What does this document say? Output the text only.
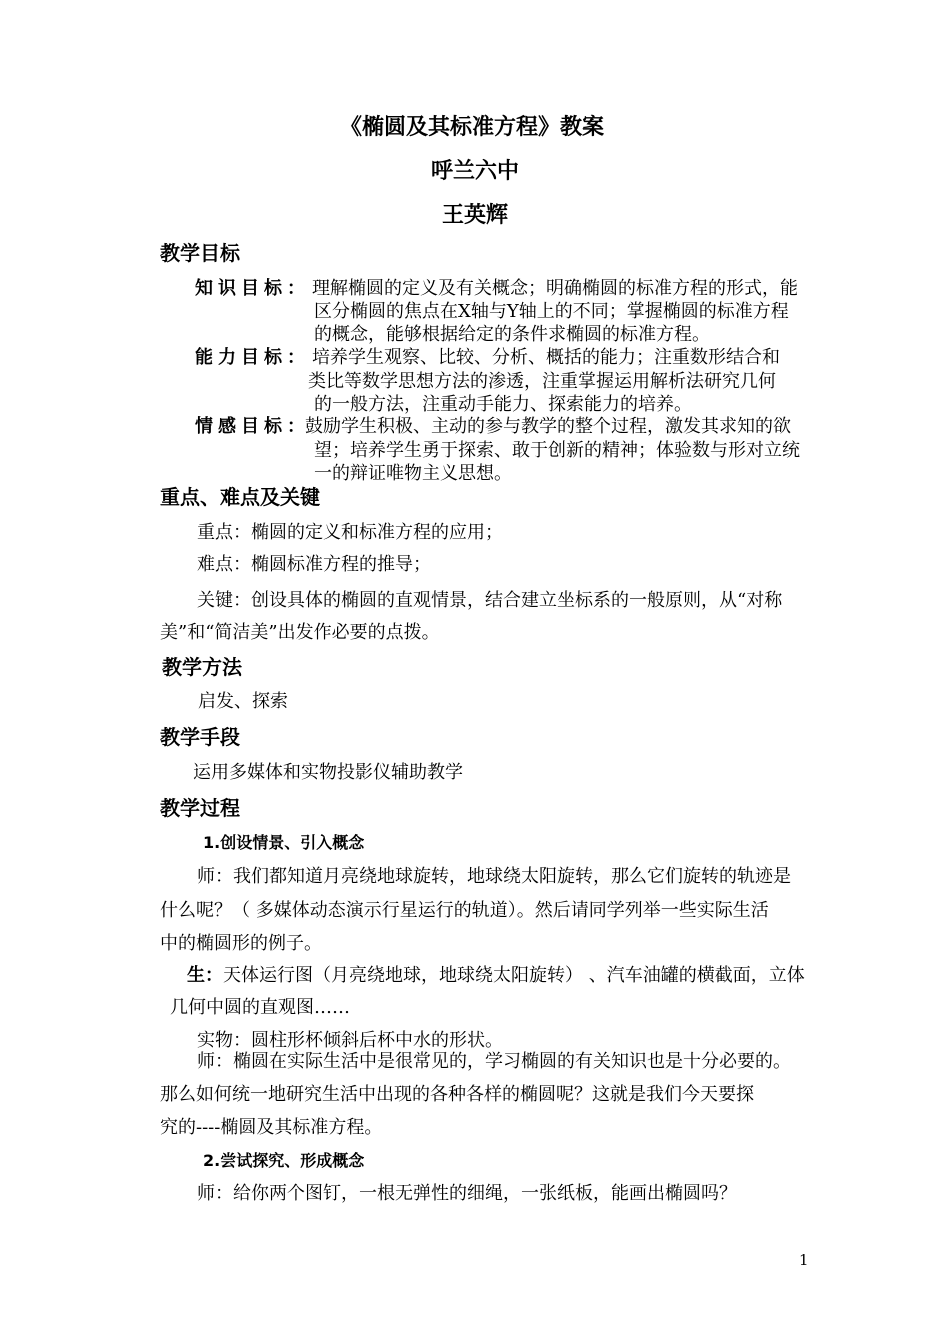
《椭圆及其标准方程》教案
呼兰六中
王英辉
教学目标
知识目标： 理解椭圆的定义及有关概念；明确椭圆的标准方程的形式，能
区分椭圆的焦点在X轴与Y轴上的不同；掌握椭圆的标准方程
的概念，能够根据给定的条件求椭圆的标准方程。
能力目标： 培养学生观察、比较、分析、概括的能力；注重数形结合和
类比等数学思想方法的渗透，注重掌握运用解析法研究几何
的一般方法，注重动手能力、探索能力的培养。
情感目标：
鼓励学生积极、主动的参与教学的整个过程，激发其求知的欲
望；培养学生勇于探索、敢于创新的精神；体验数与形对立统
一的辩证唯物主义思想。
重点、难点及关键
重点：椭圆的定义和标准方程的应用；
难点：椭圆标准方程的推导；
关键：创设具体的椭圆的直观情景，结合建立坐标系的一般原则，从“对称
美”和“简洁美”出发作必要的点拨。
教学方法
启发、探索
教学手段
运用多媒体和实物投影仪辅助教学
教学过程
1.创设情景、引入概念
师：我们都知道月亮绕地球旋转，地球绕太阳旋转，那么它们旋转的轨迹是
什么呢？（ 多媒体动态演示行星运行的轨道）。然后请同学列举一些实际生活
中的椭圆形的例子。
生： 天体运行图（月亮绕地球，地球绕太阳旋转） 、汽车油罐的横截面，立体
几何中圆的直观图……
实物：圆柱形杯倾斜后杯中水的形状。
师：椭圆在实际生活中是很常见的，学习椭圆的有关知识也是十分必要的。
那么如何统一地研究生活中出现的各种各样的椭圆呢？这就是我们今天要探
究的----椭圆及其标准方程。
2.尝试探究、形成概念
师：给你两个图钉，一根无弹性的细绳，一张纸板，能画出椭圆吗？
1
